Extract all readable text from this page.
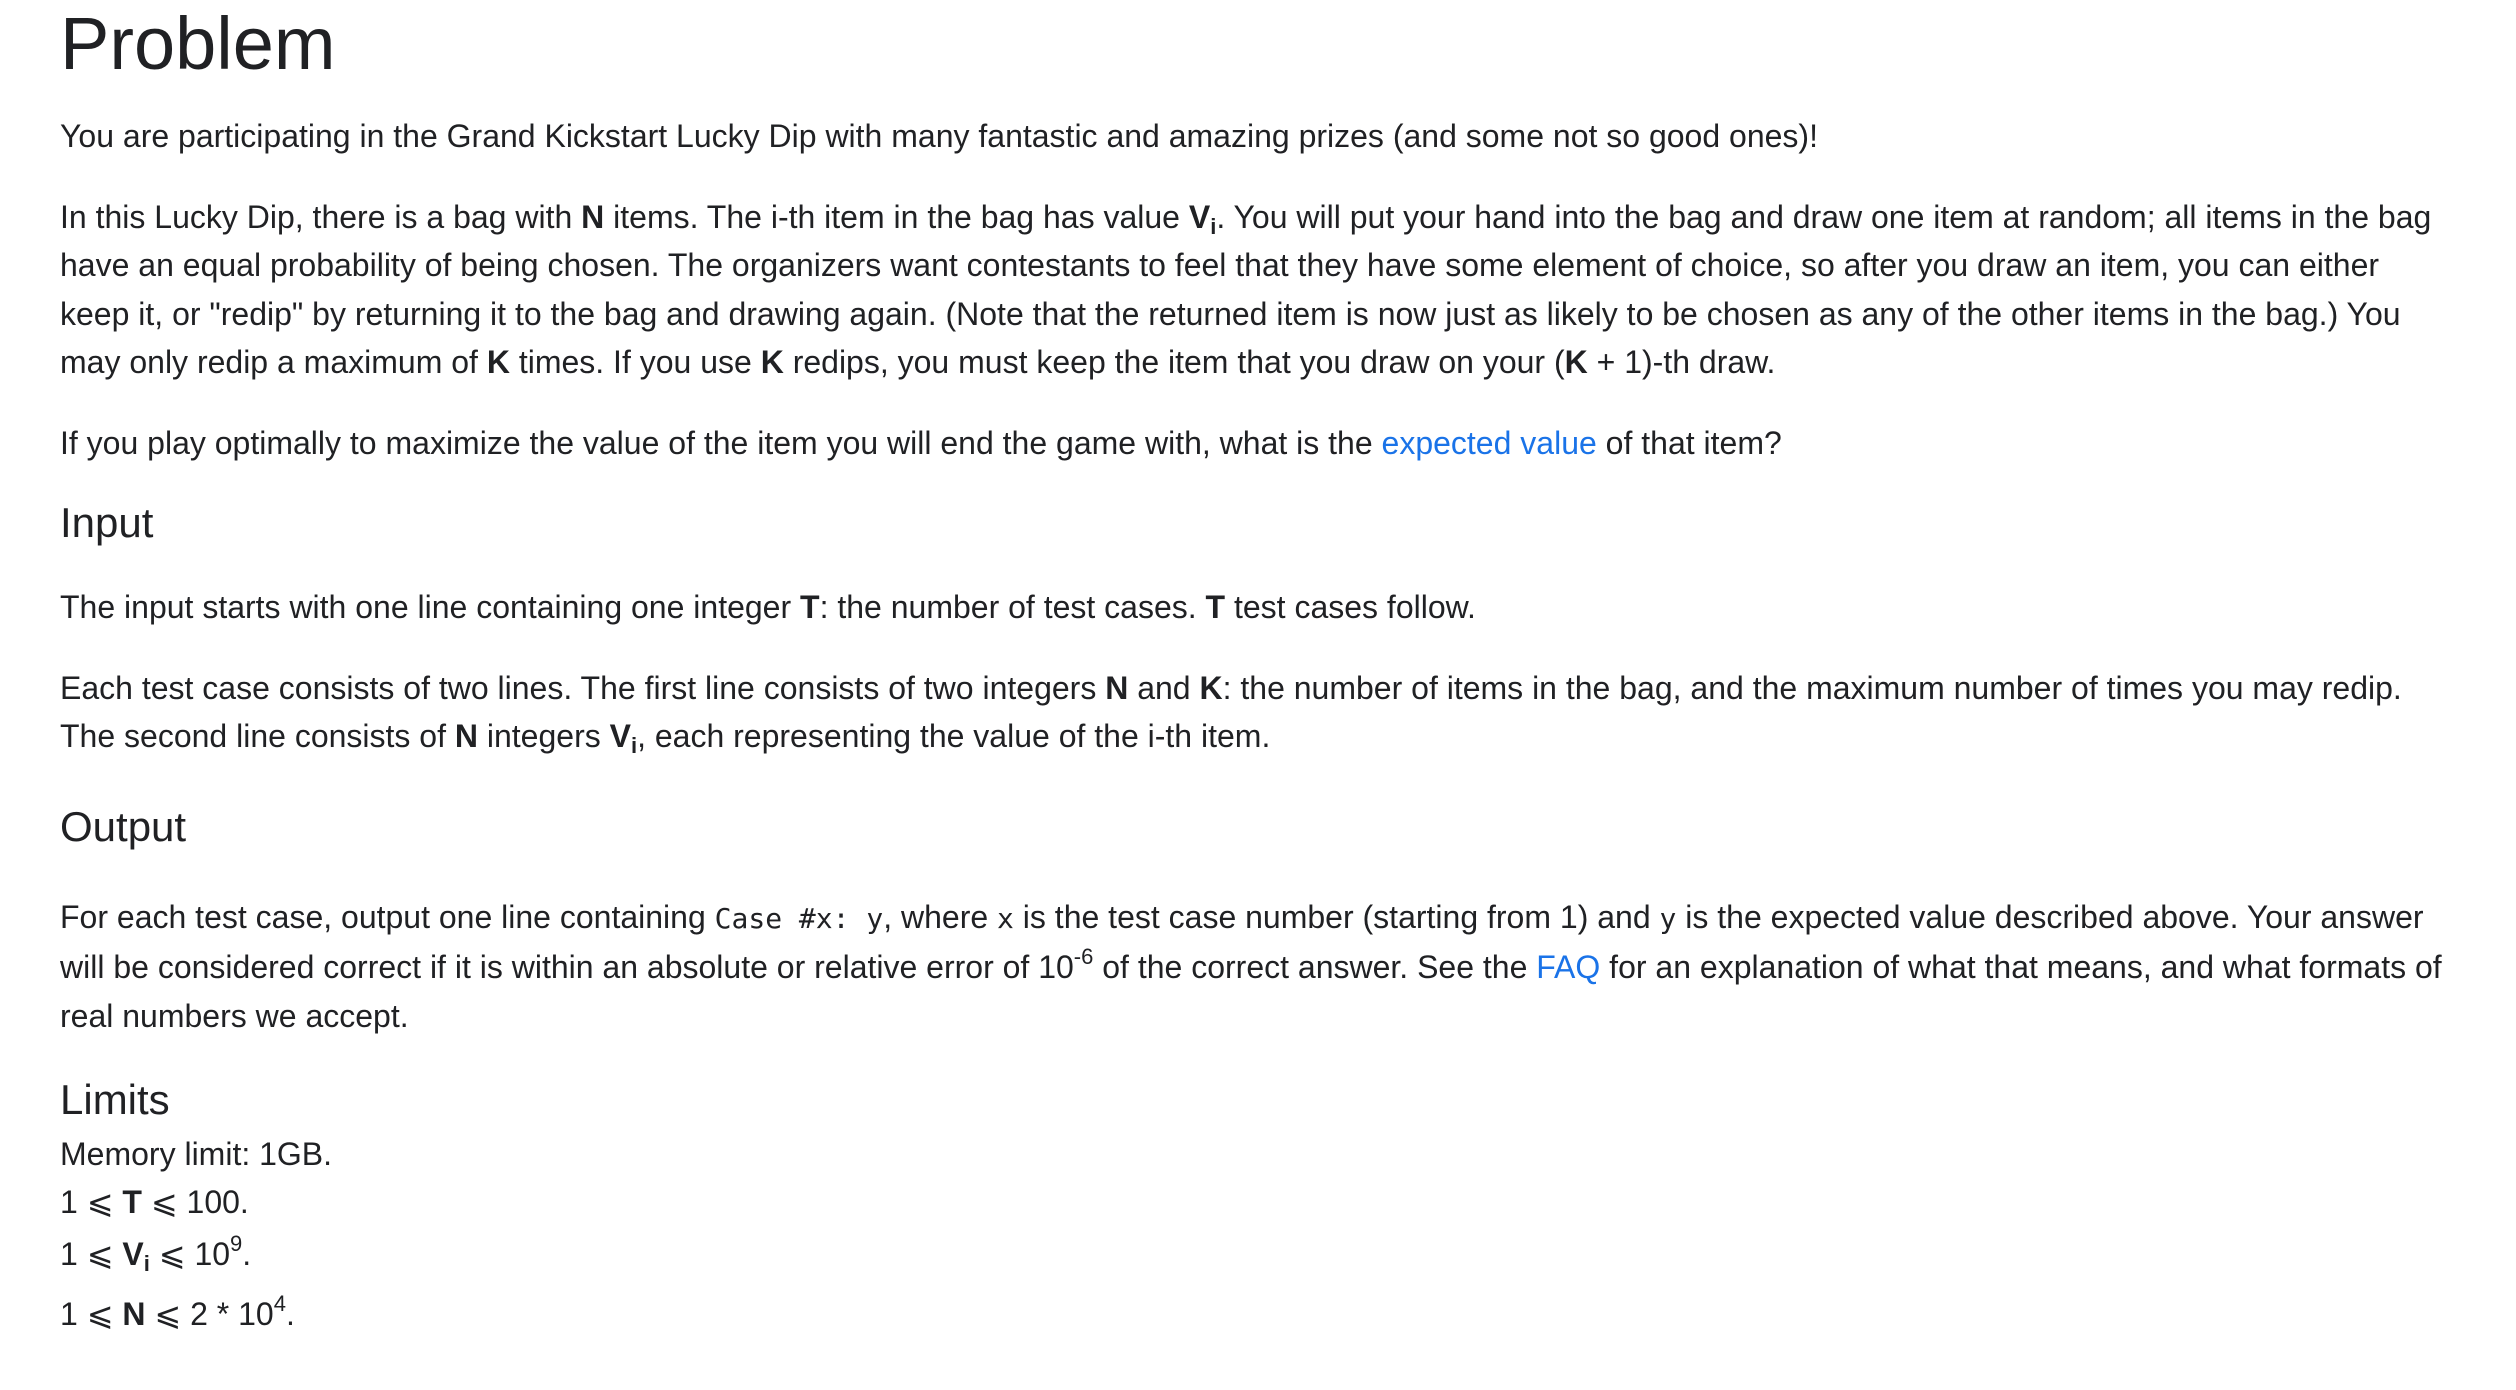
Problem

You are participating in the Grand Kickstart Lucky Dip with many fantastic and amazing prizes (and some not so good ones)!

In this Lucky Dip, there is a bag with N items. The i-th item in the bag has value $V_i$. You will put your hand into the bag and draw one item at random; all items in the bag have an equal probability of being chosen. The organizers want contestants to feel that they have some element of choice, so after you draw an item, you can either keep it, or "redip" by returning it to the bag and drawing again. (Note that the returned item is now just as likely to be chosen as any of the other items in the bag.) You may only redip a maximum of K times. If you use K redips, you must keep the item that you draw on your (K + 1)-th draw.

If you play optimally to maximize the value of the item you will end the game with, what is the expected value of that item?

Input

The input starts with one line containing one integer T: the number of test cases. T test cases follow.

Each test case consists of two lines. The first line consists of two integers N and K: the number of items in the bag, and the maximum number of times you may redip. The second line consists of N integers $V_i$, each representing the value of the i-th item.

Output

For each test case, output one line containing Case #x: y, where x is the test case number (starting from 1) and y is the expected value described above. Your answer will be considered correct if it is within an absolute or relative error of $10^{-6}$ of the correct answer. See the FAQ for an explanation of what that means, and what formats of real numbers we accept.

Limits

Memory limit: 1GB.

1 ⩽ T ⩽ 100.

1 ⩽ $V_i$ ⩽ $10^9$.

1 ⩽ N ⩽ $2 * 10^4$.
